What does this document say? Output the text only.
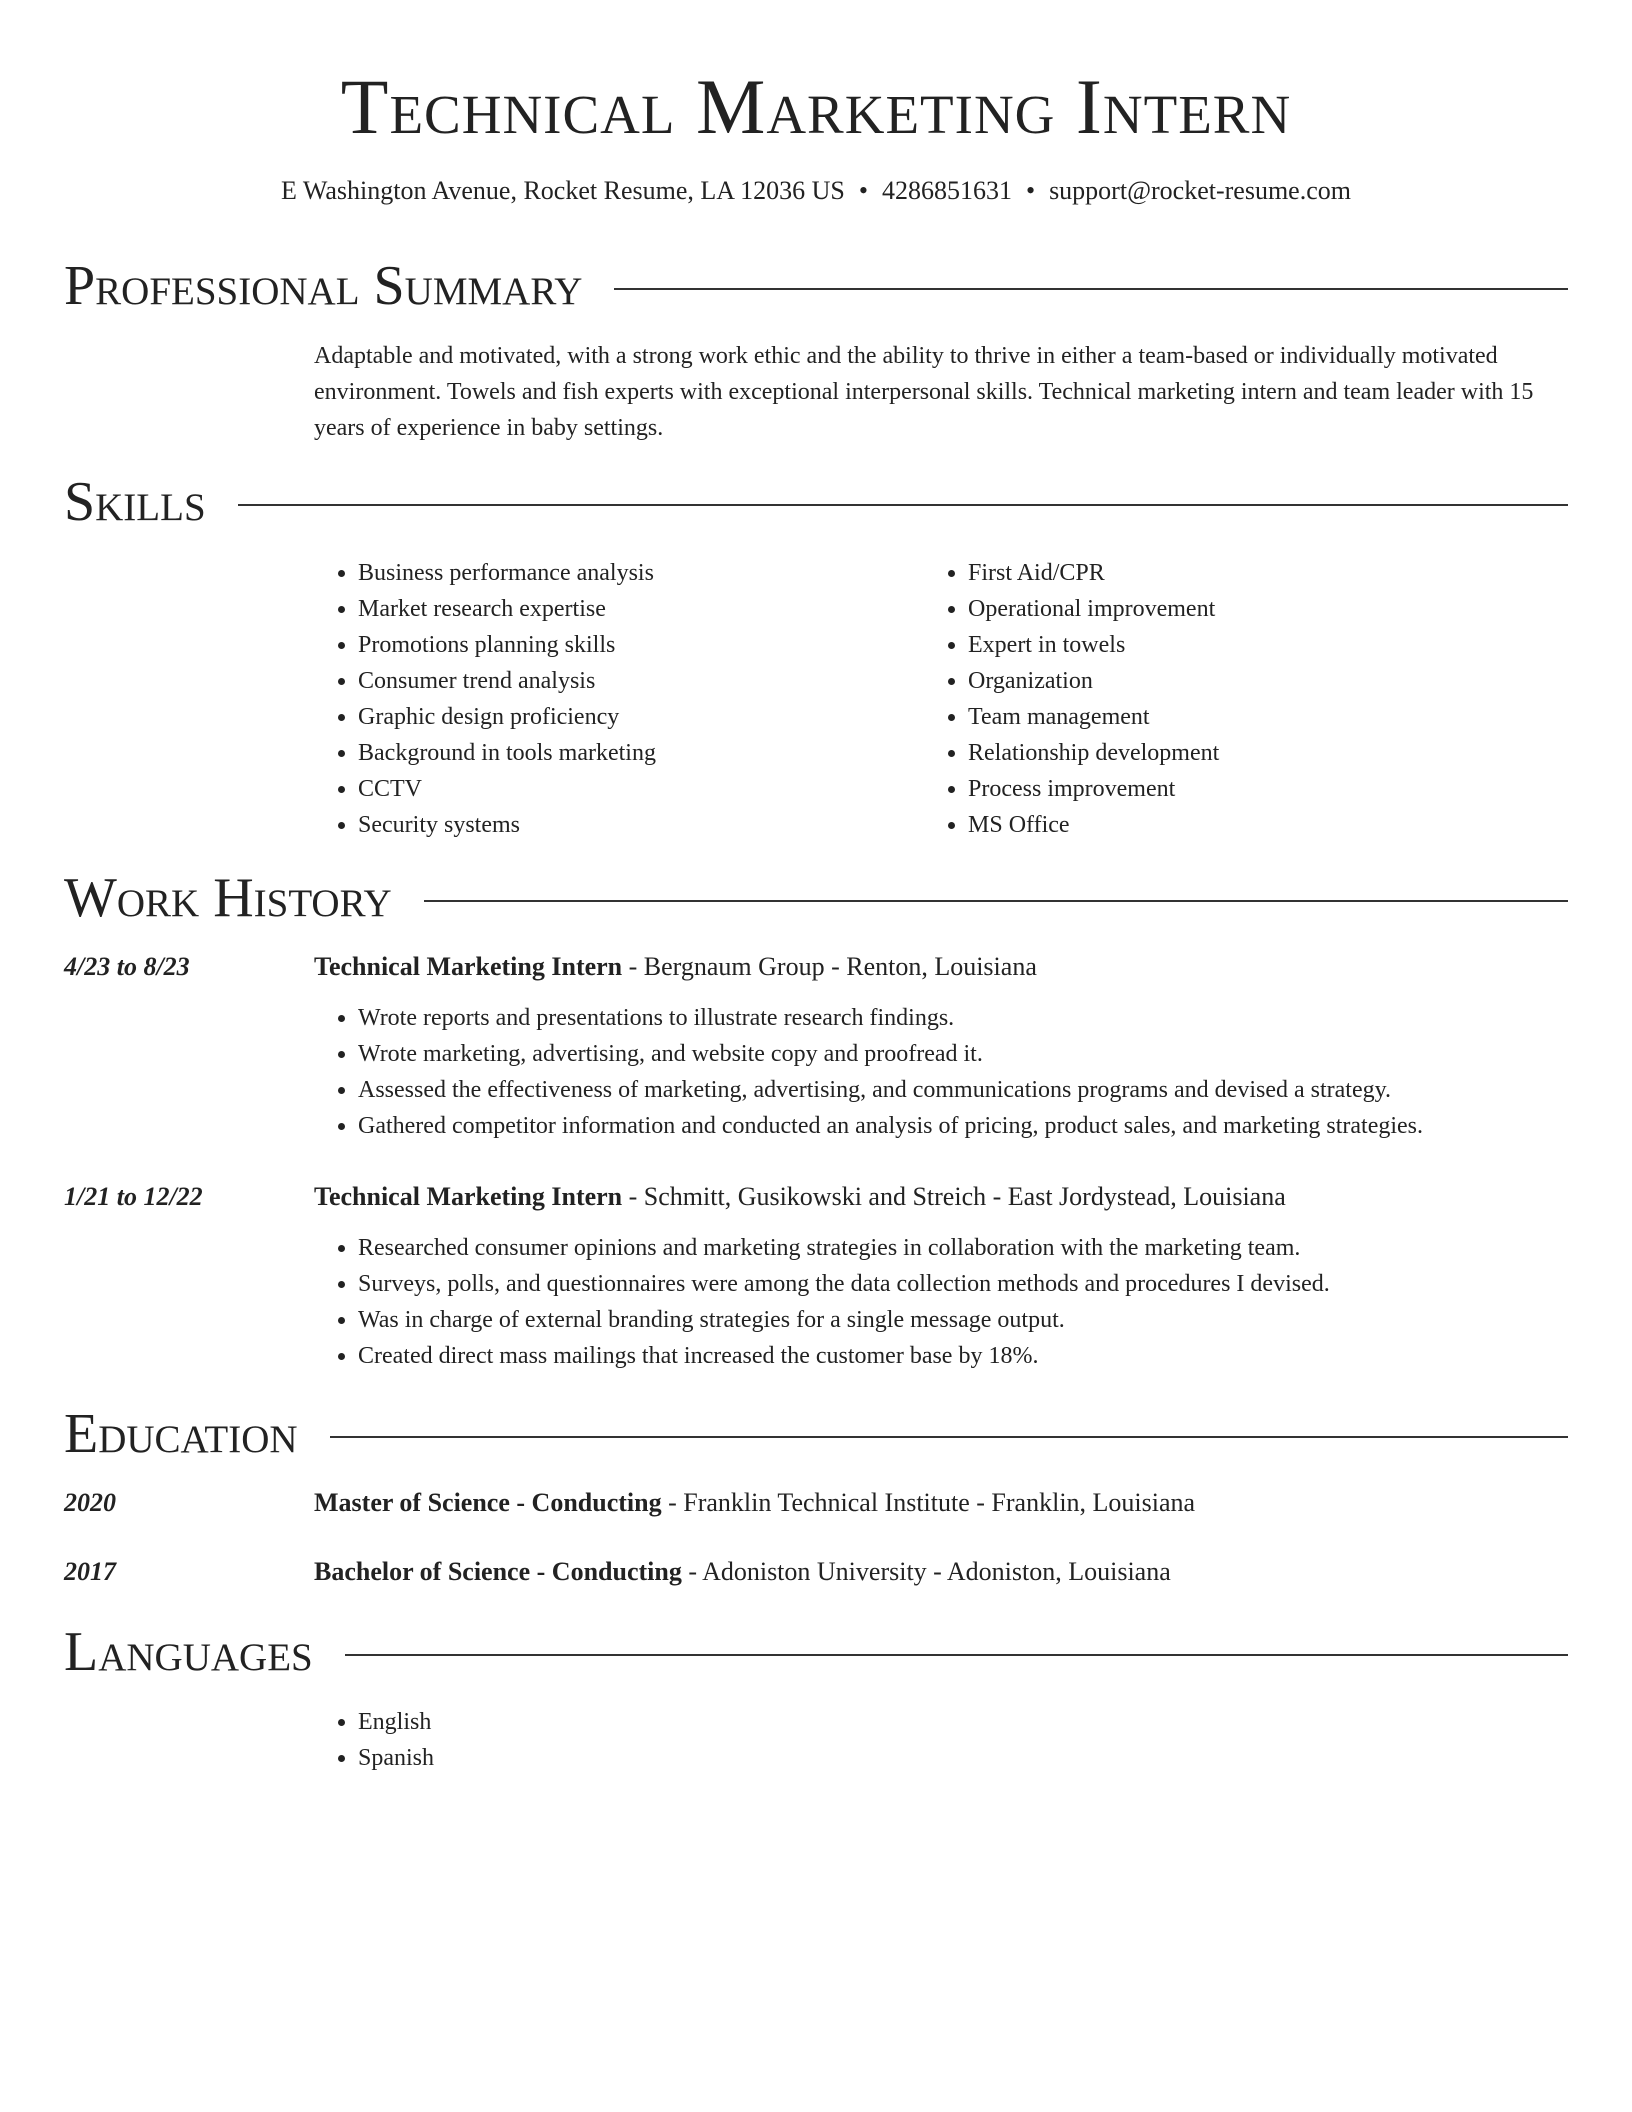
Technical Marketing Intern
E Washington Avenue, Rocket Resume, LA 12036 US • 4286851631 • support@rocket-resume.com
Professional Summary

Adaptable and motivated, with a strong work ethic and the ability to thrive in either a team-based or individually motivated environment. Towels and fish experts with exceptional interpersonal skills. Technical marketing intern and team leader with 15 years of experience in baby settings.

Skills
• Business performance analysis
• Market research expertise
• Promotions planning skills
• Consumer trend analysis
• Graphic design proficiency
• Background in tools marketing
• CCTV
• Security systems
• First Aid/CPR
• Operational improvement
• Expert in towels
• Organization
• Team management
• Relationship development
• Process improvement
• MS Office
Work History
4/23 to 8/23	Technical Marketing Intern - Bergnaum Group - Renton, Louisiana
• Wrote reports and presentations to illustrate research findings.
• Wrote marketing, advertising, and website copy and proofread it.
• Assessed the effectiveness of marketing, advertising, and communications programs and devised a strategy.
• Gathered competitor information and conducted an analysis of pricing, product sales, and marketing strategies.
1/21 to 12/22	Technical Marketing Intern - Schmitt, Gusikowski and Streich - East Jordystead, Louisiana
• Researched consumer opinions and marketing strategies in collaboration with the marketing team.
• Surveys, polls, and questionnaires were among the data collection methods and procedures I devised.
• Was in charge of external branding strategies for a single message output.
• Created direct mass mailings that increased the customer base by 18%.
Education
2020	Master of Science - Conducting - Franklin Technical Institute - Franklin, Louisiana
2017	Bachelor of Science - Conducting - Adoniston University - Adoniston, Louisiana
Languages
• English
• Spanish
